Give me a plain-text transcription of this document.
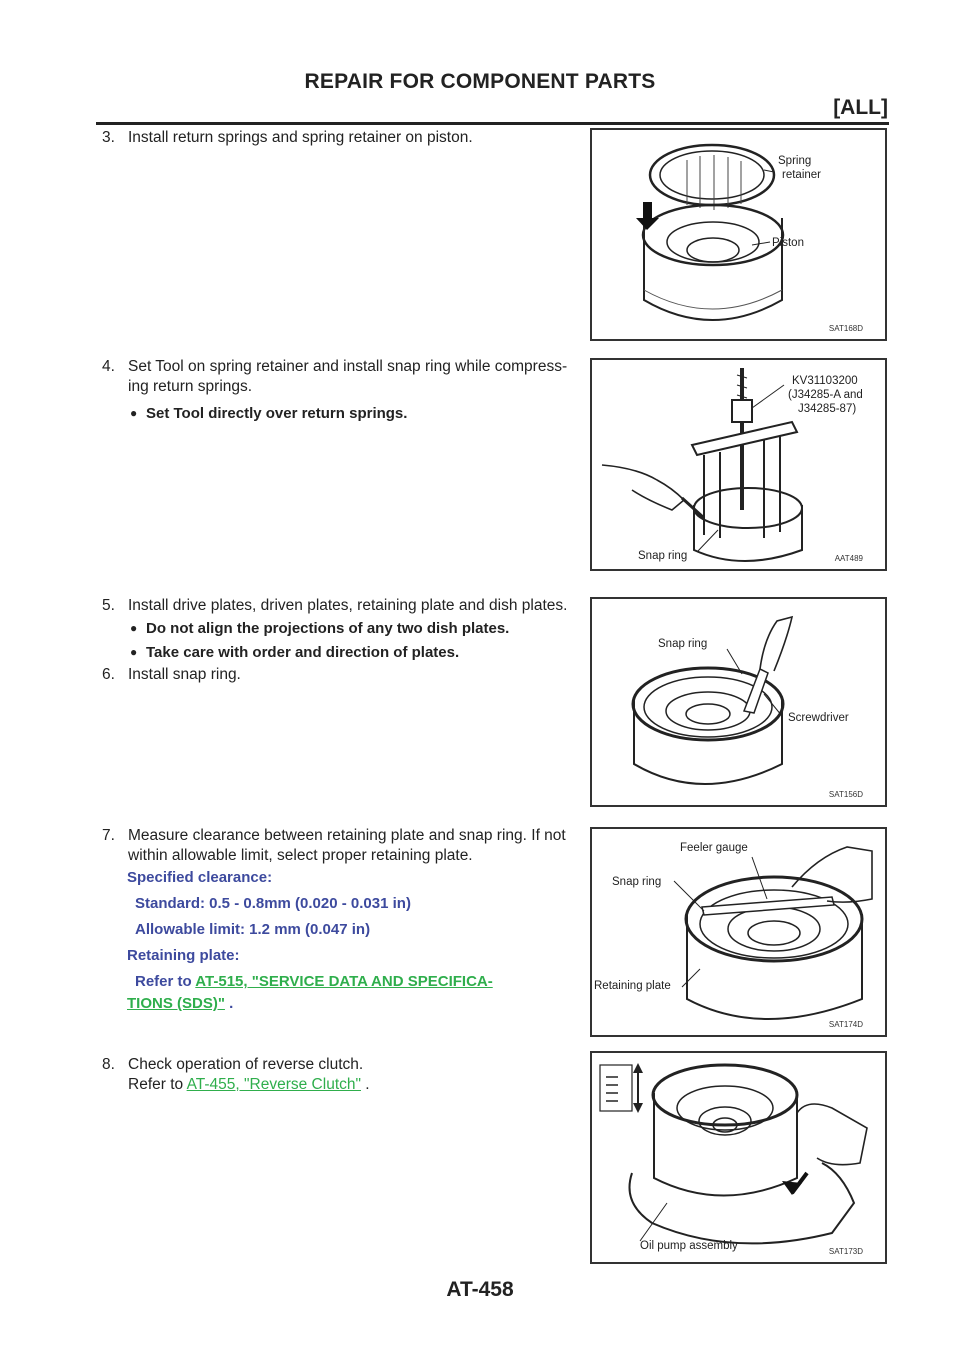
REPAIR FOR COMPONENT PARTS
[ALL]
3. Install return springs and spring retainer on piston.
4. Set Tool on spring retainer and install snap ring while compress-
ing return springs.
● Set Tool directly over return springs.
5. Install drive plates, driven plates, retaining plate and dish plates.
● Do not align the projections of any two dish plates.
● Take care with order and direction of plates.
6. Install snap ring.
7. Measure clearance between retaining plate and snap ring. If not
within allowable limit, select proper retaining plate.
Specified clearance:
Standard: 0.5 - 0.8mm (0.020 - 0.031 in)
Allowable limit: 1.2 mm (0.047 in)
Retaining plate:
Refer to AT-515, "SERVICE DATA AND SPECIFICA-
TIONS (SDS)" .
8. Check operation of reverse clutch.
Refer to AT-455, "Reverse Clutch" .
Spring
retainer
Piston
SAT168D
KV31103200
(J34285-A and
J34285-87)
Snap ring	AAT489
Snap ring
Screwdriver
SAT156D
Feeler gauge
Snap ring
Retaining plate
SAT174D
Oil pump assembly	SAT173D
AT-458
